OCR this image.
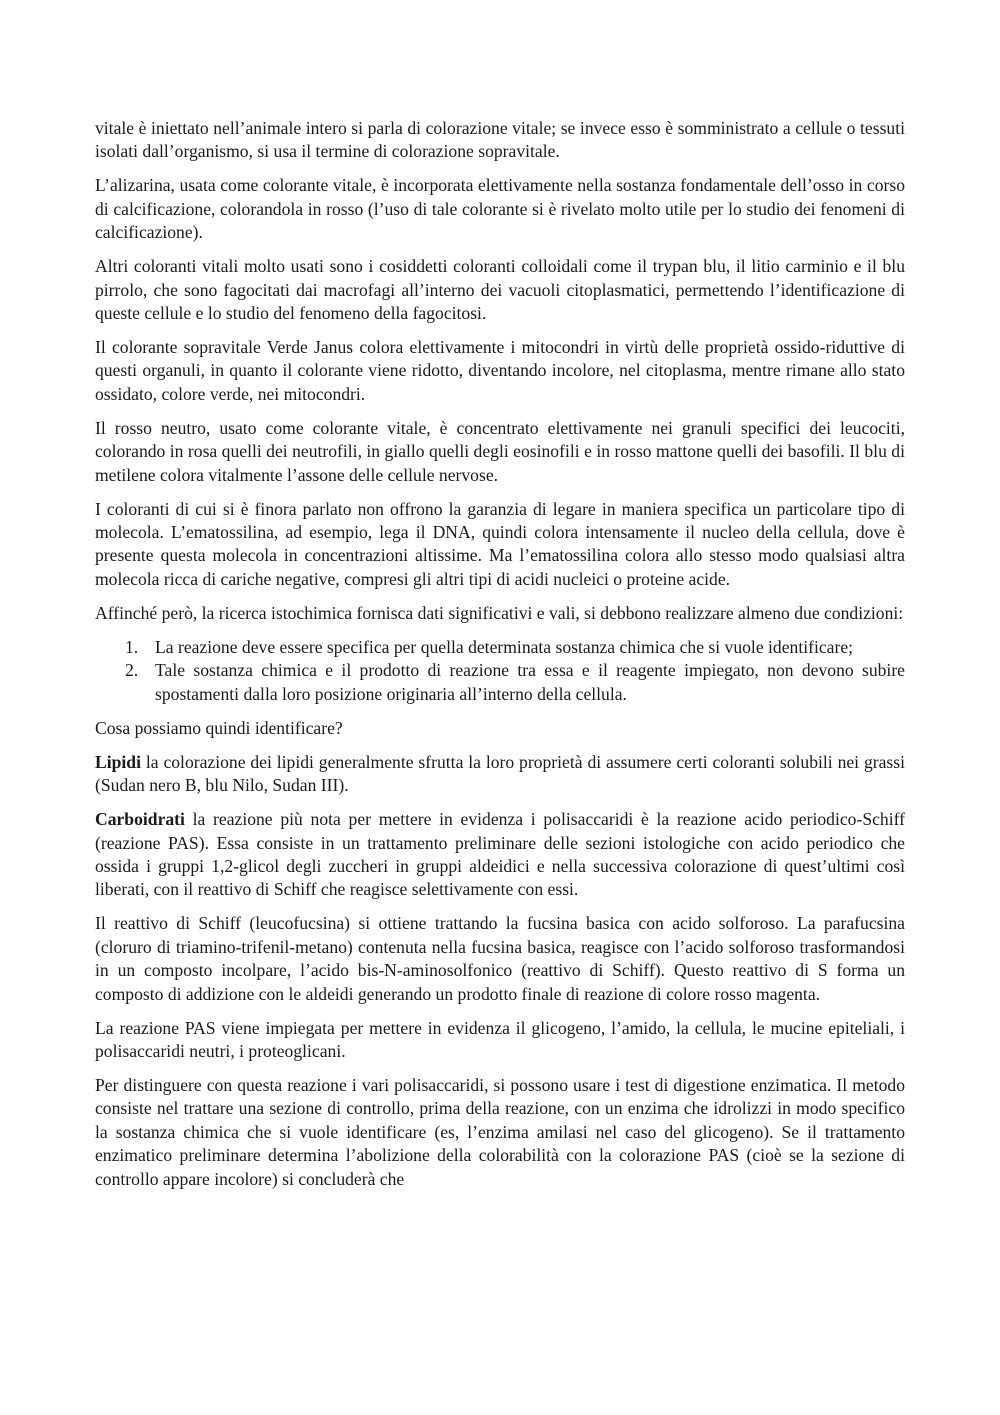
vitale è iniettato nell’animale intero si parla di colorazione vitale; se invece esso è somministrato a cellule o tessuti isolati dall’organismo, si usa il termine di colorazione sopravitale.

L’alizarina, usata come colorante vitale, è incorporata elettivamente nella sostanza fondamentale dell’osso in corso di calcificazione, colorandola in rosso (l’uso di tale colorante si è rivelato molto utile per lo studio dei fenomeni di calcificazione).

Altri coloranti vitali molto usati sono i cosiddetti coloranti colloidali come il trypan blu, il litio carminio e il blu pirrolo, che sono fagocitati dai macrofagi all’interno dei vacuoli citoplasmatici, permettendo l’identificazione di queste cellule e lo studio del fenomeno della fagocitosi.

Il colorante sopravitale Verde Janus colora elettivamente i mitocondri in virtù delle proprietà ossido-riduttive di questi organuli, in quanto il colorante viene ridotto, diventando incolore, nel citoplasma, mentre rimane allo stato ossidato, colore verde, nei mitocondri.

Il rosso neutro, usato come colorante vitale, è concentrato elettivamente nei granuli specifici dei leucociti, colorando in rosa quelli dei neutrofili, in giallo quelli degli eosinofili e in rosso mattone quelli dei basofili. Il blu di metilene colora vitalmente l’assone delle cellule nervose.

I coloranti di cui si è finora parlato non offrono la garanzia di legare in maniera specifica un particolare tipo di molecola. L’ematossilina, ad esempio, lega il DNA, quindi colora intensamente il nucleo della cellula, dove è presente questa molecola in concentrazioni altissime. Ma l’ematossilina colora allo stesso modo qualsiasi altra molecola ricca di cariche negative, compresi gli altri tipi di acidi nucleici o proteine acide.

Affinché però, la ricerca istochimica fornisca dati significativi e vali, si debbono realizzare almeno due condizioni:

1. La reazione deve essere specifica per quella determinata sostanza chimica che si vuole identificare;
2. Tale sostanza chimica e il prodotto di reazione tra essa e il reagente impiegato, non devono subire spostamenti dalla loro posizione originaria all’interno della cellula.

Cosa possiamo quindi identificare?

Lipidi la colorazione dei lipidi generalmente sfrutta la loro proprietà di assumere certi coloranti solubili nei grassi (Sudan nero B, blu Nilo, Sudan III).

Carboidrati la reazione più nota per mettere in evidenza i polisaccaridi è la reazione acido periodico-Schiff (reazione PAS). Essa consiste in un trattamento preliminare delle sezioni istologiche con acido periodico che ossida i gruppi 1,2-glicol degli zuccheri in gruppi aldeidici e nella successiva colorazione di quest’ultimi così liberati, con il reattivo di Schiff che reagisce selettivamente con essi.

Il reattivo di Schiff (leucofucsina) si ottiene trattando la fucsina basica con acido solforoso. La parafucsina (cloruro di triamino-trifenil-metano) contenuta nella fucsina basica, reagisce con l’acido solforoso trasformandosi in un composto incolpare, l’acido bis-N-aminosolfonico (reattivo di Schiff). Questo reattivo di S forma un composto di addizione con le aldeidi generando un prodotto finale di reazione di colore rosso magenta.

La reazione PAS viene impiegata per mettere in evidenza il glicogeno, l’amido, la cellula, le mucine epiteliali, i polisaccaridi neutri, i proteoglicani.

Per distinguere con questa reazione i vari polisaccaridi, si possono usare i test di digestione enzimatica. Il metodo consiste nel trattare una sezione di controllo, prima della reazione, con un enzima che idrolizzi in modo specifico la sostanza chimica che si vuole identificare (es, l’enzima amilasi nel caso del glicogeno). Se il trattamento enzimatico preliminare determina l’abolizione della colorabilità con la colorazione PAS (cioè se la sezione di controllo appare incolore) si concluderà che
